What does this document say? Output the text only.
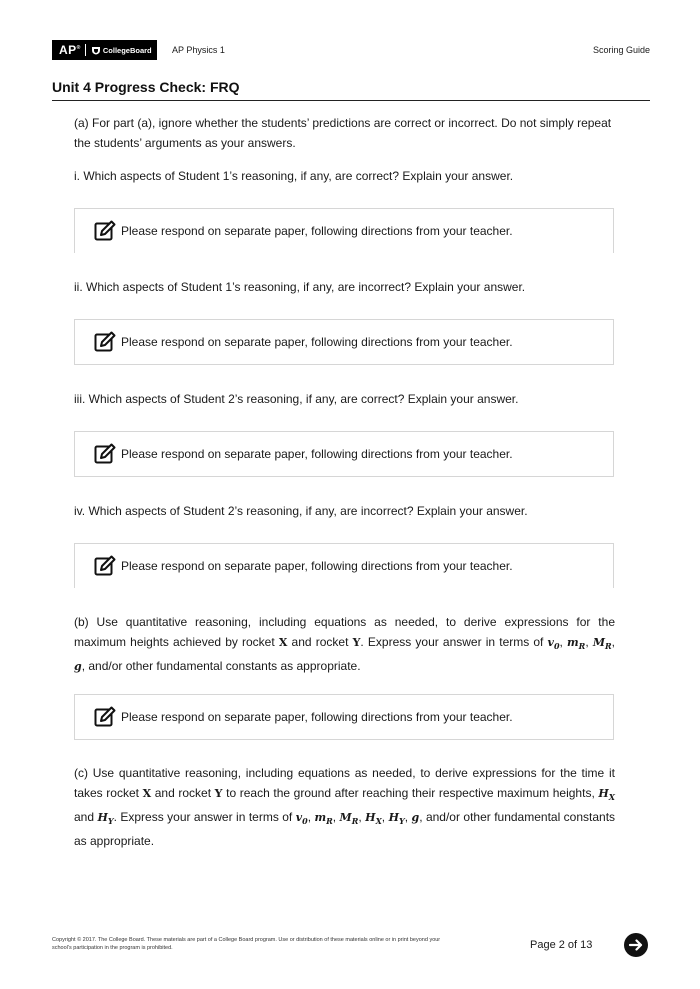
AP®	CollegeBoard AP Physics 1	Scoring Guide
Unit 4 Progress Check: FRQ
(a) For part (a), ignore whether the students’ predictions are correct or incorrect. Do not simply repeat the students’ arguments as your answers.
i. Which aspects of Student 1’s reasoning, if any, are correct? Explain your answer.
Please respond on separate paper, following directions from your teacher.
ii. Which aspects of Student 1’s reasoning, if any, are incorrect? Explain your answer.
Please respond on separate paper, following directions from your teacher.
iii. Which aspects of Student 2’s reasoning, if any, are correct? Explain your answer.
Please respond on separate paper, following directions from your teacher.
iv. Which aspects of Student 2’s reasoning, if any, are incorrect? Explain your answer.
Please respond on separate paper, following directions from your teacher.
(b) Use quantitative reasoning, including equations as needed, to derive expressions for the maximum heights achieved by rocket X and rocket Y. Express your answer in terms of $v_0$, $m_R$, $M_R$, g, and/or other fundamental constants as appropriate.
Please respond on separate paper, following directions from your teacher.
(c) Use quantitative reasoning, including equations as needed, to derive expressions for the time it takes rocket X and rocket Y to reach the ground after reaching their respective maximum heights, $H_X$ and $H_Y$. Express your answer in terms of $v_0$, $m_R$, $M_R$, $H_X$, $H_Y$, g, and/or other fundamental constants as appropriate.
Copyright © 2017. The College Board. These materials are part of a College Board program. Use or distribution of these materials online or in print beyond your school’s participation in the program is prohibited.	Page 2 of 13
